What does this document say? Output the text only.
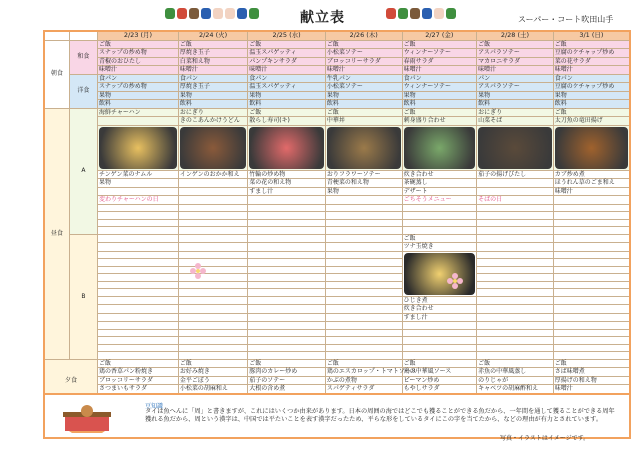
献立表	スーパー・コート吹田山手
		2/23 (月)	2/24 (火)	2/25 (水)	2/26 (木)	2/27 (金)	2/28 (土)	3/1 (日)
朝食	和食	ご飯	ご飯	ご飯	ご飯	ご飯	ご飯	ご飯
		スナップの炒め物	厚焼き玉子	温玉スパゲッティ	小松菜ソテー	ウィンナーソテー	アスパラソテー	豆腐のケチャップ炒め
		青椒のおひたし	白菜和え物	パンプキンサラダ	ブロッコリーサラダ	春雨サラダ	マカロニサラダ	菜の花サラダ
		味噌汁	味噌汁	味噌汁	味噌汁	味噌汁	味噌汁	味噌汁
	洋食	食パン	食パン	食パン	牛乳パン	食パン	パン	食パン
		スナップの炒め物	厚焼き玉子	温玉スパゲッティ	小松菜ソテー	ウィンナーソテー	アスパラソテー	豆腐のケチャップ炒め
		果物	果物	果物	果物	果物	果物	果物
		飲料	飲料	飲料	飲料	飲料	飲料	飲料
昼食	A	海鮮チャーハン	おにぎり	ご飯	ご飯	ご飯	おにぎり	ご飯
			きのこあんかけうどん	散らし寿司(キ)	中華丼	刺身盛り合わせ	山菜そば	太刀魚の竜田揚げ

		チンゲン菜のナムル	インゲンのおかか和え	竹輪の炒め物	おりフラワーソテー	炊き合わせ	茄子の揚げびたし	カブ炒め煮
		果物		菜の花の和え物	青梗菜の和え物	茶碗蒸し		ほうれん草のごま和え
				すまし汁	果物	デザート		味噌汁
		変わりチャーハンの日				ごちそうメニュー	そばの日	

	B					ご飯		
						ツナ玉焼き		

						ひじき煮		
						炊き合わせ		
						すまし汁		

夕食		ご飯	ご飯	ご飯	ご飯	ご飯	ご飯	ご飯
		鶏の香草パン粉焼き	お好み焼き	豚肉のカレー炒め	鶏のエスカロップ・トマトソース	鶏の中華風ソース	赤魚の中華風蒸し	さば味噌煮
		ブロッコリーサラダ	金平ごぼう	茄子のソテー	かぶの煮物	ピーマン炒め	のりじゃが	厚揚げの和え物
		さつまいもサラダ	小松菜の胡麻和え	大根の含め煮	スパゲティサラダ	もやしサラダ	キャベツの胡麻酢和え	味噌汁

豆知識
タイは魚へんに「周」と書きますが、これにはいくつか由来があります。日本の周囲の海ではどこでも獲ることができる魚だから、一年間を通して獲ることができる周年獲れる魚だから、周という漢字は、中国では平たいことを表す漢字だったため、平らな形をしているタイにこの字を当てたから、などの理由が有力とされています。
写真・イラストはイメージです。
